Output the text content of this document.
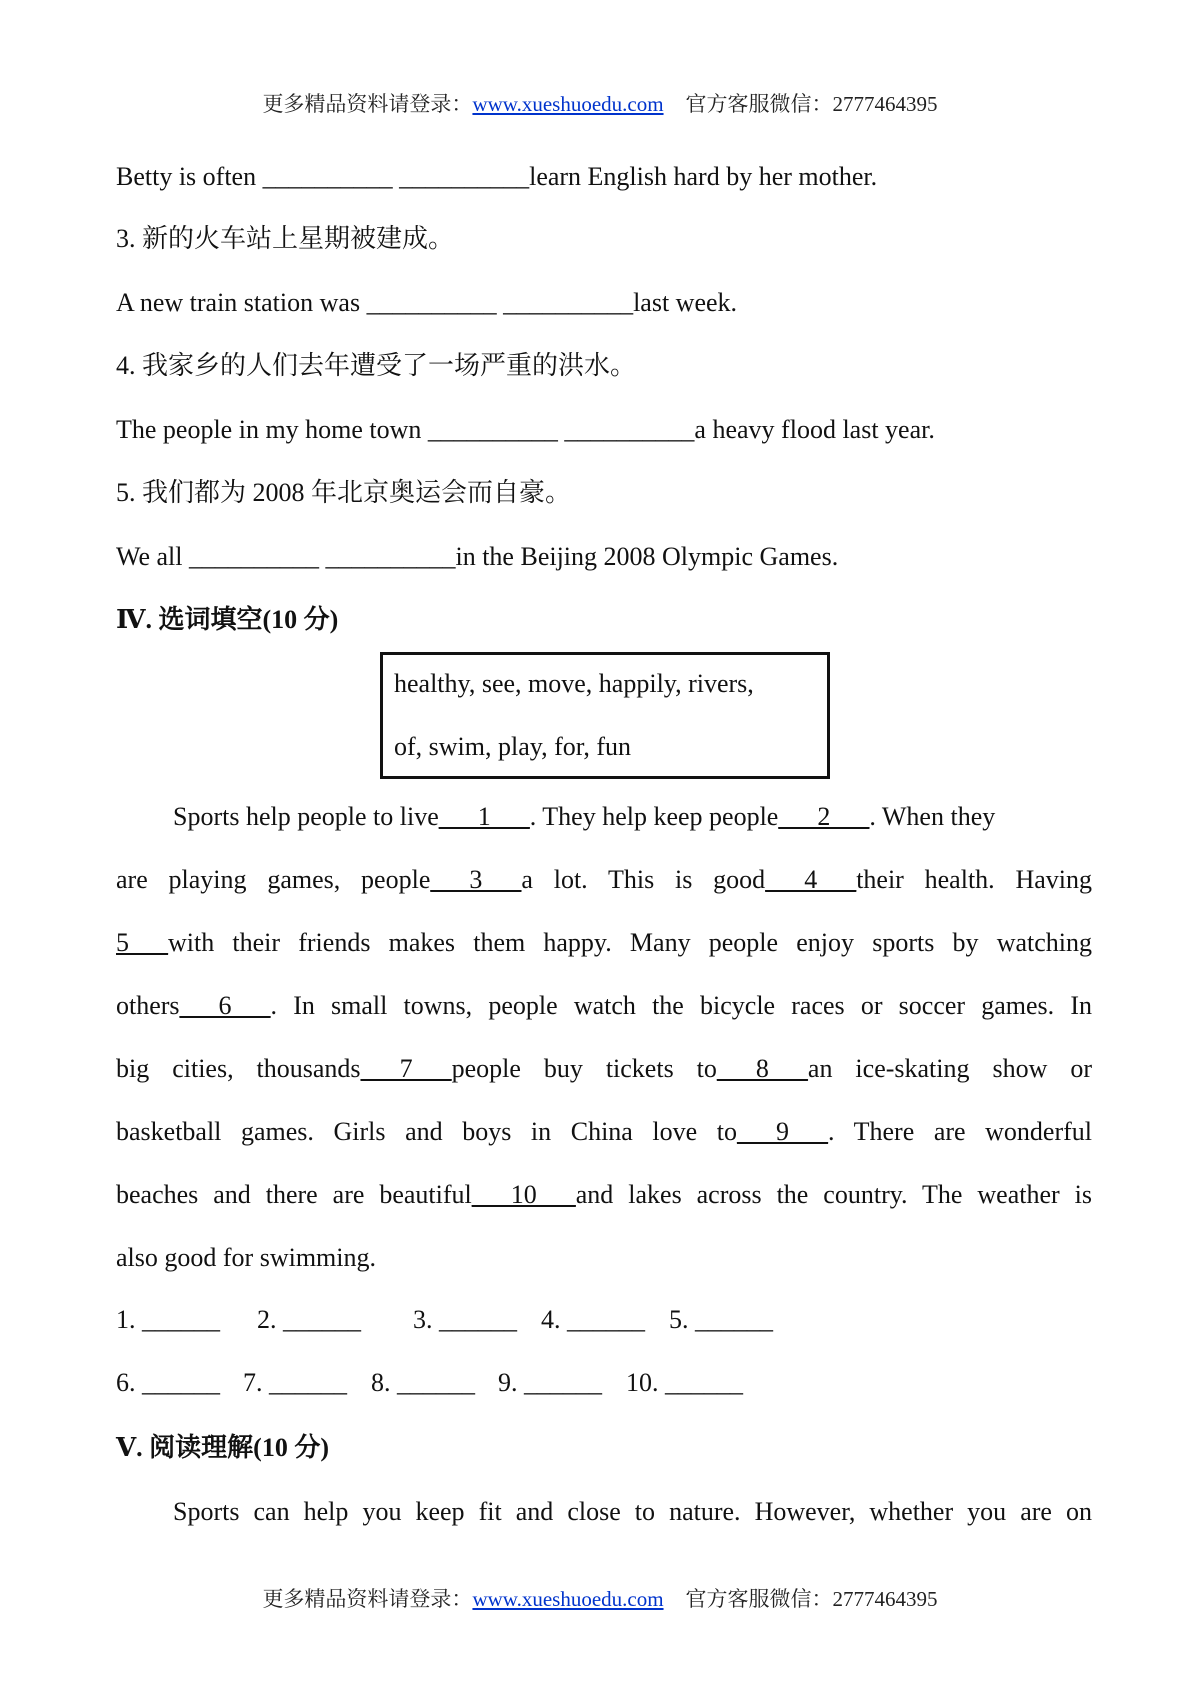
更多精品资料请登录：www.xueshuoedu.com 官方客服微信：2777464395
Betty is often __________ __________learn English hard by her mother.
3. 新的火车站上星期被建成。
A new train station was __________ __________last week.
4. 我家乡的人们去年遭受了一场严重的洪水。
The people in my home town __________ __________a heavy flood last year.
5. 我们都为 2008 年北京奥运会而自豪。
We all __________ __________in the Beijing 2008 Olympic Games.
Ⅳ. 选词填空(10 分)
healthy, see, move, happily, rivers,
of, swim, play, for, fun
Sports help people to live___1___. They help keep people___2___. When they
are playing games, people___3___a lot. This is good___4___their health. Having
5___with their friends makes them happy. Many people enjoy sports by watching
others___6___. In small towns, people watch the bicycle races or soccer games. In
big cities, thousands___7___people buy tickets to___8___an ice-skating show or
basketball games. Girls and boys in China love to___9___. There are wonderful
beaches and there are beautiful___10___and lakes across the country. The weather is
also good for swimming.
1. ______ 2. ______ 3. ______ 4. ______ 5. ______
6. ______ 7. ______ 8. ______ 9. ______ 10. ______
Ⅴ. 阅读理解(10 分)
Sports can help you keep fit and close to nature. However, whether you are on
更多精品资料请登录：www.xueshuoedu.com 官方客服微信：2777464395
